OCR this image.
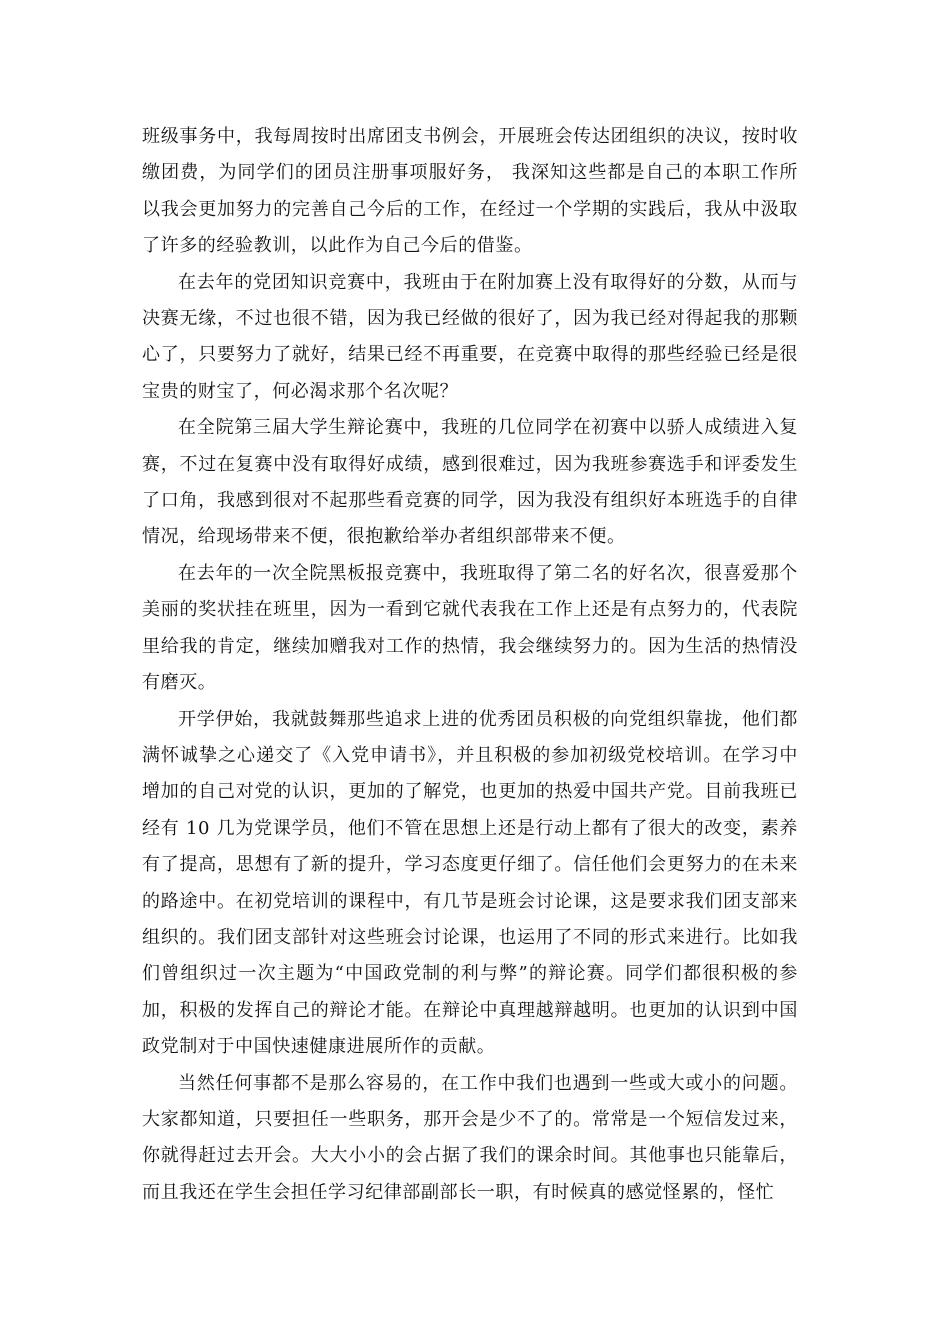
班级事务中，我每周按时出席团支书例会，开展班会传达团组织的决议，按时收缴团费，为同学们的团员注册事项服好务， 我深知这些都是自己的本职工作所以我会更加努力的完善自己今后的工作，在经过一个学期的实践后，我从中汲取了许多的经验教训，以此作为自己今后的借鉴。

在去年的党团知识竞赛中，我班由于在附加赛上没有取得好的分数，从而与决赛无缘，不过也很不错，因为我已经做的很好了，因为我已经对得起我的那颗心了，只要努力了就好，结果已经不再重要，在竞赛中取得的那些经验已经是很宝贵的财宝了，何必渴求那个名次呢？

在全院第三届大学生辩论赛中，我班的几位同学在初赛中以骄人成绩进入复赛，不过在复赛中没有取得好成绩，感到很难过，因为我班参赛选手和评委发生了口角，我感到很对不起那些看竞赛的同学，因为我没有组织好本班选手的自律情况，给现场带来不便，很抱歉给举办者组织部带来不便。

在去年的一次全院黑板报竞赛中，我班取得了第二名的好名次，很喜爱那个美丽的奖状挂在班里，因为一看到它就代表我在工作上还是有点努力的，代表院里给我的肯定，继续加赠我对工作的热情，我会继续努力的。因为生活的热情没有磨灭。

开学伊始，我就鼓舞那些追求上进的优秀团员积极的向党组织靠拢，他们都满怀诚挚之心递交了《入党申请书》，并且积极的参加初级党校培训。在学习中增加的自己对党的认识，更加的了解党，也更加的热爱中国共产党。目前我班已经有 10 几为党课学员，他们不管在思想上还是行动上都有了很大的改变，素养有了提高，思想有了新的提升，学习态度更仔细了。信任他们会更努力的在未来的路途中。在初党培训的课程中，有几节是班会讨论课，这是要求我们团支部来组织的。我们团支部针对这些班会讨论课，也运用了不同的形式来进行。比如我们曾组织过一次主题为“中国政党制的利与弊”的辩论赛。同学们都很积极的参加，积极的发挥自己的辩论才能。在辩论中真理越辩越明。也更加的认识到中国政党制对于中国快速健康进展所作的贡献。

当然任何事都不是那么容易的，在工作中我们也遇到一些或大或小的问题。大家都知道，只要担任一些职务，那开会是少不了的。常常是一个短信发过来，你就得赶过去开会。大大小小的会占据了我们的课余时间。其他事也只能靠后，而且我还在学生会担任学习纪律部副部长一职，有时候真的感觉怪累的，怪忙
